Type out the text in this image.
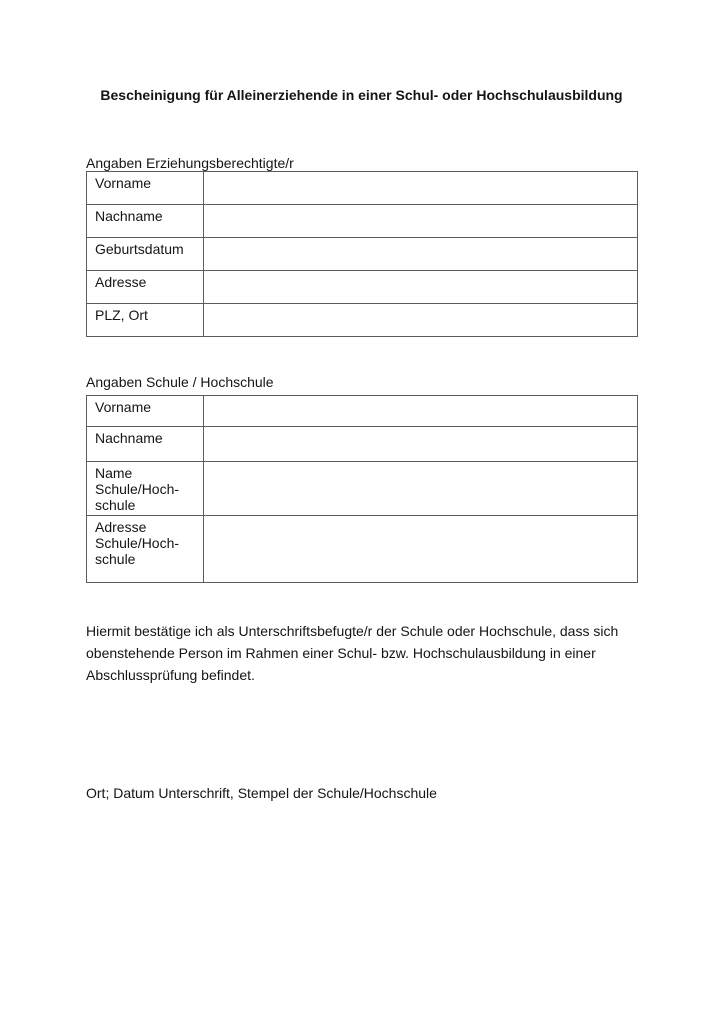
Bescheinigung für Alleinerziehende in einer Schul- oder Hochschulausbildung
Angaben Erziehungsberechtigte/r
Vorname	
Nachname	
Geburtsdatum	
Adresse	
PLZ, Ort	
Angaben Schule / Hochschule
Vorname	
Nachname	
Name Schule/Hoch-schule	
Adresse Schule/Hoch-schule	

Hiermit bestätige ich als Unterschriftsbefugte/r der Schule oder Hochschule, dass sich obenstehende Person im Rahmen einer Schul- bzw. Hochschulausbildung in einer Abschlussprüfung befindet.

Ort; Datum Unterschrift, Stempel der Schule/Hochschule
